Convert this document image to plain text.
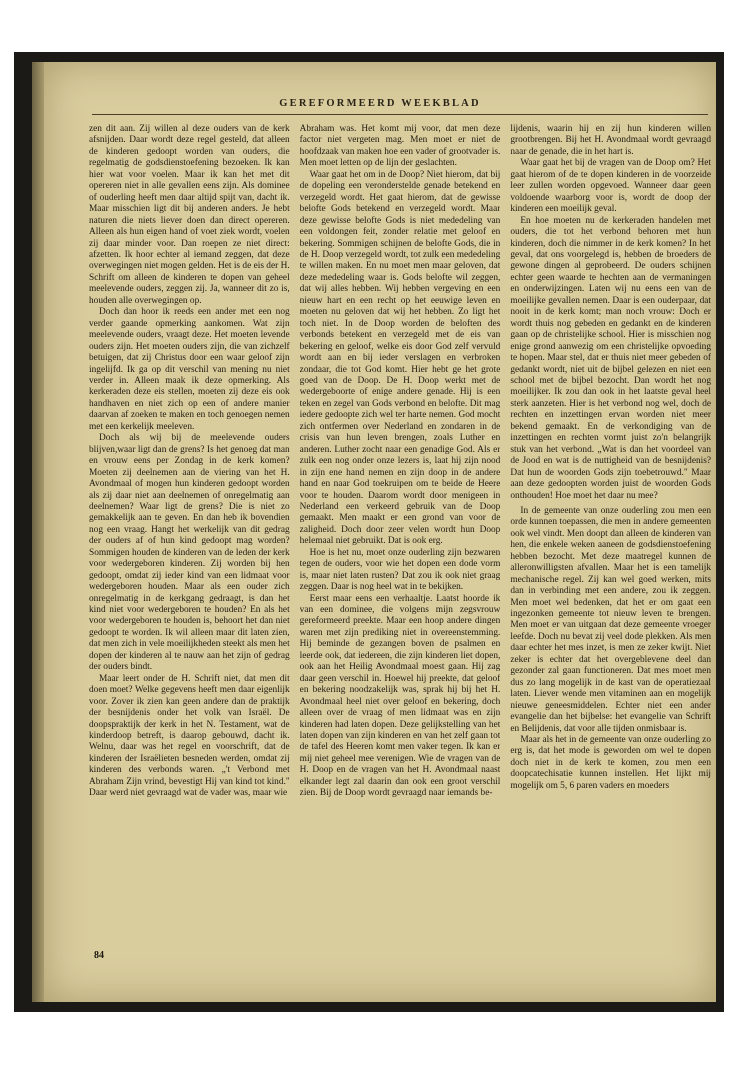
GEREFORMEERD WEEKBLAD

zen dit aan. Zij willen al deze ouders van de kerk afsnijden. Daar wordt deze regel gesteld, dat alleen de kinderen gedoopt worden van ouders, die regelmatig de godsdienstoefening bezoeken. Ik kan hier wat voor voelen. Maar ik kan het met dit opereren niet in alle gevallen eens zijn. Als dominee of ouderling heeft men daar altijd spijt van, dacht ik. Maar misschien ligt dit bij anderen anders. Je hebt naturen die niets liever doen dan direct opereren. Alleen als hun eigen hand of voet ziek wordt, voelen zij daar minder voor. Dan roepen ze niet direct: afzetten. Ik hoor echter al iemand zeggen, dat deze overwegingen niet mogen gelden. Het is de eis der H. Schrift om alleen de kinderen te dopen van geheel meelevende ouders, zeggen zij. Ja, wanneer dit zo is, houden alle overwegingen op.

Doch dan hoor ik reeds een ander met een nog verder gaande opmerking aankomen. Wat zijn meelevende ouders, vraagt deze. Het moeten levende ouders zijn. Het moeten ouders zijn, die van zichzelf betuigen, dat zij Christus door een waar geloof zijn ingelijfd. Ik ga op dit verschil van mening nu niet verder in. Alleen maak ik deze opmerking. Als kerkeraden deze eis stellen, moeten zij deze eis ook handhaven en niet zich op een of andere manier daarvan af zoeken te maken en toch genoegen nemen met een kerkelijk meeleven.

Doch als wij bij de meelevende ouders blijven,waar ligt dan de grens? Is het genoeg dat man en vrouw eens per Zondag in de kerk komen? Moeten zij deelnemen aan de viering van het H. Avondmaal of mogen hun kinderen gedoopt worden als zij daar niet aan deelnemen of onregelmatig aan deelnemen? Waar ligt de grens? Die is niet zo gemakkelijk aan te geven. En dan heb ik bovendien nog een vraag. Hangt het werkelijk van dit gedrag der ouders af of hun kind gedoopt mag worden? Sommigen houden de kinderen van de leden der kerk voor wedergeboren kinderen. Zij worden bij hen gedoopt, omdat zij ieder kind van een lidmaat voor wedergeboren houden. Maar als een ouder zich onregelmatig in de kerkgang gedraagt, is dan het kind niet voor wedergeboren te houden? En als het voor wedergeboren te houden is, behoort het dan niet gedoopt te worden. Ik wil alleen maar dit laten zien, dat men zich in vele moeilijkheden steekt als men het dopen der kinderen al te nauw aan het zijn of gedrag der ouders bindt.

Maar leert onder de H. Schrift niet, dat men dit doen moet? Welke gegevens heeft men daar eigenlijk voor. Zover ik zien kan geen andere dan de praktijk der besnijdenis onder het volk van Israël. De doopspraktijk der kerk in het N. Testament, wat de kinderdoop betreft, is daarop gebouwd, dacht ik. Welnu, daar was het regel en voorschrift, dat de kinderen der Israëlieten besneden werden, omdat zij kinderen des verbonds waren. „'t Verbond met Abraham Zijn vrind, bevestigt Hij van kind tot kind." Daar werd niet gevraagd wat de vader was, maar wie

Abraham was. Het komt mij voor, dat men deze factor niet vergeten mag. Men moet er niet de hoofdzaak van maken hoe een vader of grootvader is. Men moet letten op de lijn der geslachten.

Waar gaat het om in de Doop? Niet hierom, dat bij de dopeling een veronderstelde genade betekend en verzegeld wordt. Het gaat hierom, dat de gewisse belofte Gods betekend en verzegeld wordt. Maar deze gewisse belofte Gods is niet mededeling van een voldongen feit, zonder relatie met geloof en bekering. Sommigen schijnen de belofte Gods, die in de H. Doop verzegeld wordt, tot zulk een mededeling te willen maken. En nu moet men maar geloven, dat deze mededeling waar is. Gods belofte wil zeggen, dat wij alles hebben. Wij hebben vergeving en een nieuw hart en een recht op het eeuwige leven en moeten nu geloven dat wij het hebben. Zo ligt het toch niet. In de Doop worden de beloften des verbonds betekent en verzegeld met de eis van bekering en geloof, welke eis door God zelf vervuld wordt aan en bij ieder verslagen en verbroken zondaar, die tot God komt. Hier hebt ge het grote goed van de Doop. De H. Doop werkt met de wedergeboorte of enige andere genade. Hij is een teken en zegel van Gods verbond en belofte. Dit mag iedere gedoopte zich wel ter harte nemen. God mocht zich ontfermen over Nederland en zondaren in de crisis van hun leven brengen, zoals Luther en anderen. Luther zocht naar een genadige God. Als er zulk een nog onder onze lezers is, laat hij zijn nood in zijn ene hand nemen en zijn doop in de andere hand en naar God toekruipen om te beide de Heere voor te houden. Daarom wordt door menigeen in Nederland een verkeerd gebruik van de Doop gemaakt. Men maakt er een grond van voor de zaligheid. Doch door zeer velen wordt hun Doop helemaal niet gebruikt. Dat is ook erg.

Hoe is het nu, moet onze ouderling zijn bezwaren tegen de ouders, voor wie het dopen een dode vorm is, maar niet laten rusten? Dat zou ik ook niet graag zeggen. Daar is nog heel wat in te bekijken.

Eerst maar eens een verhaaltje. Laatst hoorde ik van een dominee, die volgens mijn zegsvrouw gereformeerd preekte. Maar een hoop andere dingen waren met zijn prediking niet in overeenstemming. Hij beminde de gezangen boven de psalmen en leerde ook, dat iedereen, die zijn kinderen liet dopen, ook aan het Heilig Avondmaal moest gaan. Hij zag daar geen verschil in. Hoewel hij preekte, dat geloof en bekering noodzakelijk was, sprak hij bij het H. Avondmaal heel niet over geloof en bekering, doch alleen over de vraag of men lidmaat was en zijn kinderen had laten dopen. Deze gelijkstelling van het laten dopen van zijn kinderen en van het zelf gaan tot de tafel des Heeren komt men vaker tegen. Ik kan er mij niet geheel mee verenigen. Wie de vragen van de H. Doop en de vragen van het H. Avondmaal naast elkander legt zal daarin dan ook een groot verschil zien. Bij de Doop wordt gevraagd naar iemands be-

lijdenis, waarin hij en zij hun kinderen willen grootbrengen. Bij het H. Avondmaal wordt gevraagd naar de genade, die in het hart is.

Waar gaat het bij de vragen van de Doop om? Het gaat hierom of de te dopen kinderen in de voorzeide leer zullen worden opgevoed. Wanneer daar geen voldoende waarborg voor is, wordt de doop der kinderen een moeilijk geval.

En hoe moeten nu de kerkeraden handelen met ouders, die tot het verbond behoren met hun kinderen, doch die nimmer in de kerk komen? In het geval, dat ons voorgelegd is, hebben de broeders de gewone dingen al geprobeerd. De ouders schijnen echter geen waarde te hechten aan de vermaningen en onderwijzingen. Laten wij nu eens een van de moeilijke gevallen nemen. Daar is een ouderpaar, dat nooit in de kerk komt; man noch vrouw: Doch er wordt thuis nog gebeden en gedankt en de kinderen gaan op de christelijke school. Hier is misschien nog enige grond aanwezig om een christelijke opvoeding te hopen. Maar stel, dat er thuis niet meer gebeden of gedankt wordt, niet uit de bijbel gelezen en niet een school met de bijbel bezocht. Dan wordt het nog moeilijker. Ik zou dan ook in het laatste geval heel sterk aanzeten. Hier is het verbond nog wel, doch de rechten en inzettingen ervan worden niet meer bekend gemaakt. En de verkondiging van de inzettingen en rechten vormt juist zo'n belangrijk stuk van het verbond. „Wat is dan het voordeel van de Jood en wat is de nuttigheid van de besnijdenis? Dat hun de woorden Gods zijn toebetrouwd." Maar aan deze gedoopten worden juist de woorden Gods onthouden! Hoe moet het daar nu mee?

In de gemeente van onze ouderling zou men een orde kunnen toepassen, die men in andere gemeenten ook wel vindt. Men doopt dan alleen de kinderen van hen, die enkele weken aaneen de godsdienstoefening hebben bezocht. Met deze maatregel kunnen de alleronwilligsten afvallen. Maar het is een tamelijk mechanische regel. Zij kan wel goed werken, mits dan in verbinding met een andere, zou ik zeggen. Men moet wel bedenken, dat het er om gaat een ingezonken gemeente tot nieuw leven te brengen. Men moet er van uitgaan dat deze gemeente vroeger leefde. Doch nu bevat zij veel dode plekken. Als men daar echter het mes inzet, is men ze zeker kwijt. Niet zeker is echter dat het overgeblevene deel dan gezonder zal gaan functioneren. Dat mes moet men dus zo lang mogelijk in de kast van de operatiezaal laten. Liever wende men vitaminen aan en mogelijk nieuwe geneesmiddelen. Echter niet een ander evangelie dan het bijbelse: het evangelie van Schrift en Belijdenis, dat voor alle tijden onmisbaar is.

Maar als het in de gemeente van onze ouderling zo erg is, dat het mode is geworden om wel te dopen doch niet in de kerk te komen, zou men een doopcatechisatie kunnen instellen. Het lijkt mij mogelijk om 5, 6 paren vaders en moeders

84
